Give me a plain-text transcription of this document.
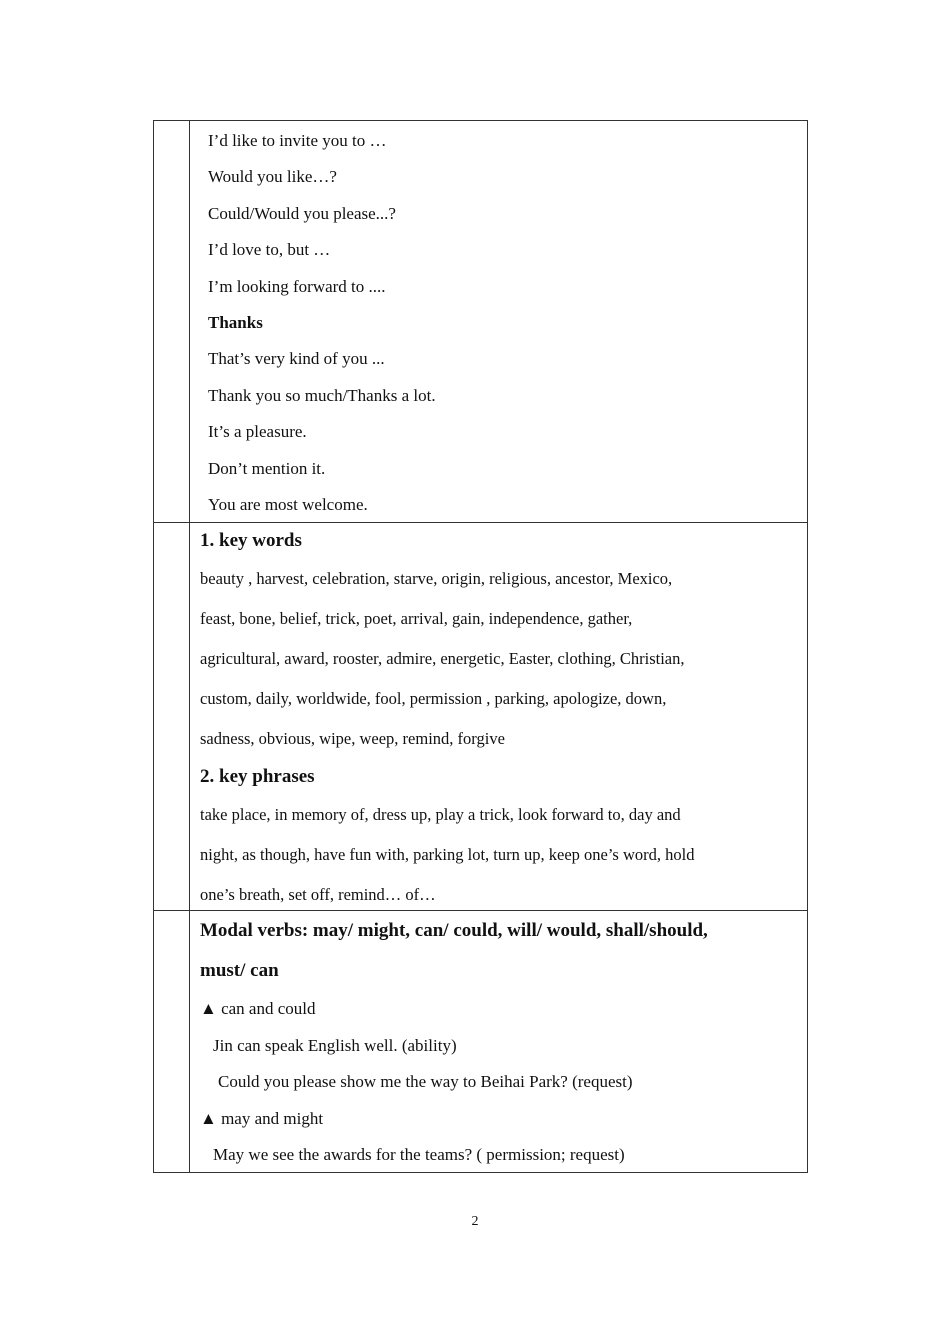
I’d like to invite you to …
Would you like…?
Could/Would you please...?
I’d love to, but …
I’m looking forward to ....
Thanks
That’s very kind of you ...
Thank you so much/Thanks a lot.
It’s a pleasure.
Don’t mention it.
You are most welcome.
1. key words
beauty , harvest, celebration, starve, origin, religious, ancestor, Mexico,
feast, bone, belief, trick, poet, arrival, gain, independence, gather,
agricultural, award, rooster, admire, energetic, Easter, clothing, Christian,
custom, daily, worldwide, fool, permission , parking, apologize, down,
sadness, obvious, wipe, weep, remind, forgive
2. key phrases
take place, in memory of, dress up, play a trick, look forward to, day and
night, as though, have fun with, parking lot, turn up, keep one’s word, hold
one’s breath, set off, remind… of…
Modal verbs: may/ might, can/ could, will/ would, shall/should,
must/ can
▲ can and could
Jin can speak English well. (ability)
Could you please show me the way to Beihai Park? (request)
▲ may and might
May we see the awards for the teams? ( permission; request)
2
